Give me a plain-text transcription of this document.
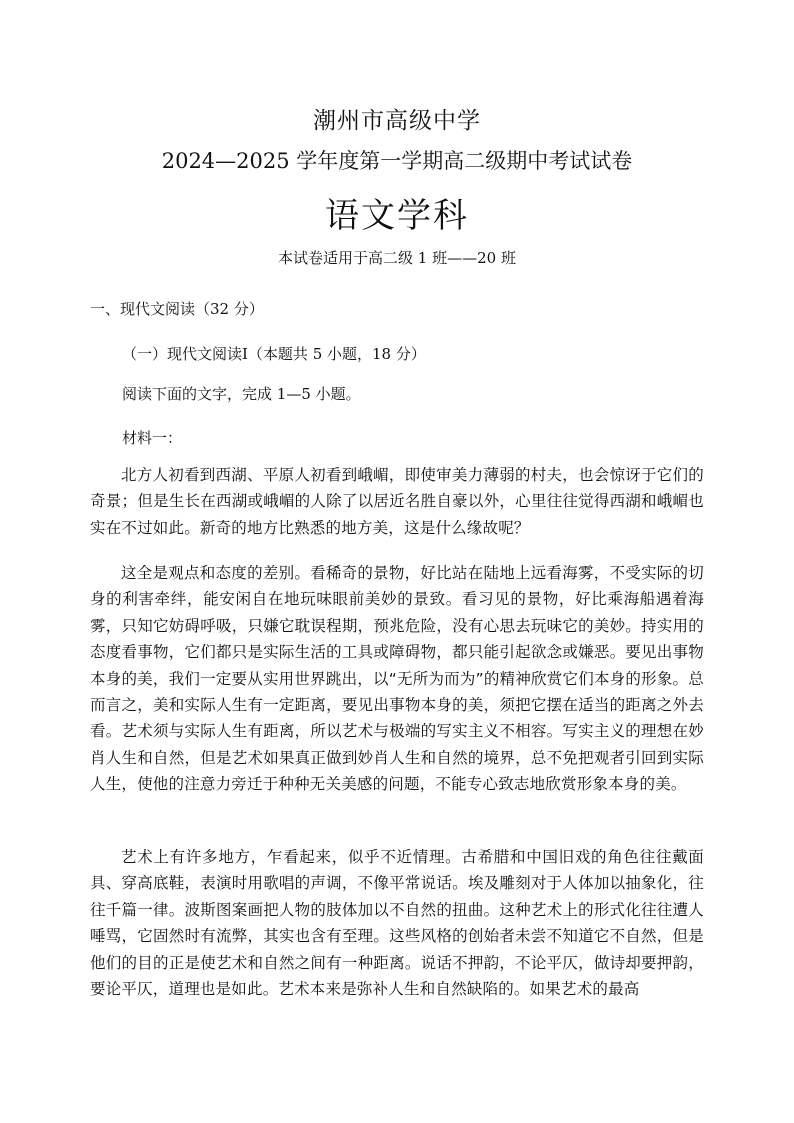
潮州市高级中学
2024—2025 学年度第一学期高二级期中考试试卷
语文学科
本试卷适用于高二级 1 班——20 班
一、现代文阅读（32 分）
（一）现代文阅读Ⅰ（本题共 5 小题，18 分）
阅读下面的文字，完成 1—5 小题。
材料一：

北方人初看到西湖、平原人初看到峨嵋，即使审美力薄弱的村夫，也会惊讶于它们的奇景；但是生长在西湖或峨嵋的人除了以居近名胜自豪以外，心里往往觉得西湖和峨嵋也实在不过如此。新奇的地方比熟悉的地方美，这是什么缘故呢？

这全是观点和态度的差别。看稀奇的景物，好比站在陆地上远看海雾，不受实际的切身的利害牵绊，能安闲自在地玩味眼前美妙的景致。看习见的景物，好比乘海船遇着海雾，只知它妨碍呼吸，只嫌它耽误程期，预兆危险，没有心思去玩味它的美妙。持实用的态度看事物，它们都只是实际生活的工具或障碍物，都只能引起欲念或嫌恶。要见出事物本身的美，我们一定要从实用世界跳出，以“无所为而为”的精神欣赏它们本身的形象。总而言之，美和实际人生有一定距离，要见出事物本身的美，须把它摆在适当的距离之外去看。艺术须与实际人生有距离，所以艺术与极端的写实主义不相容。写实主义的理想在妙肖人生和自然，但是艺术如果真正做到妙肖人生和自然的境界，总不免把观者引回到实际人生，使他的注意力旁迁于种种无关美感的问题，不能专心致志地欣赏形象本身的美。

艺术上有许多地方，乍看起来，似乎不近情理。古希腊和中国旧戏的角色往往戴面具、穿高底鞋，表演时用歌唱的声调，不像平常说话。埃及雕刻对于人体加以抽象化，往往千篇一律。波斯图案画把人物的肢体加以不自然的扭曲。这种艺术上的形式化往往遭人唾骂，它固然时有流弊，其实也含有至理。这些风格的创始者未尝不知道它不自然，但是他们的目的正是使艺术和自然之间有一种距离。说话不押韵，不论平仄，做诗却要押韵，要论平仄，道理也是如此。艺术本来是弥补人生和自然缺陷的。如果艺术的最高
